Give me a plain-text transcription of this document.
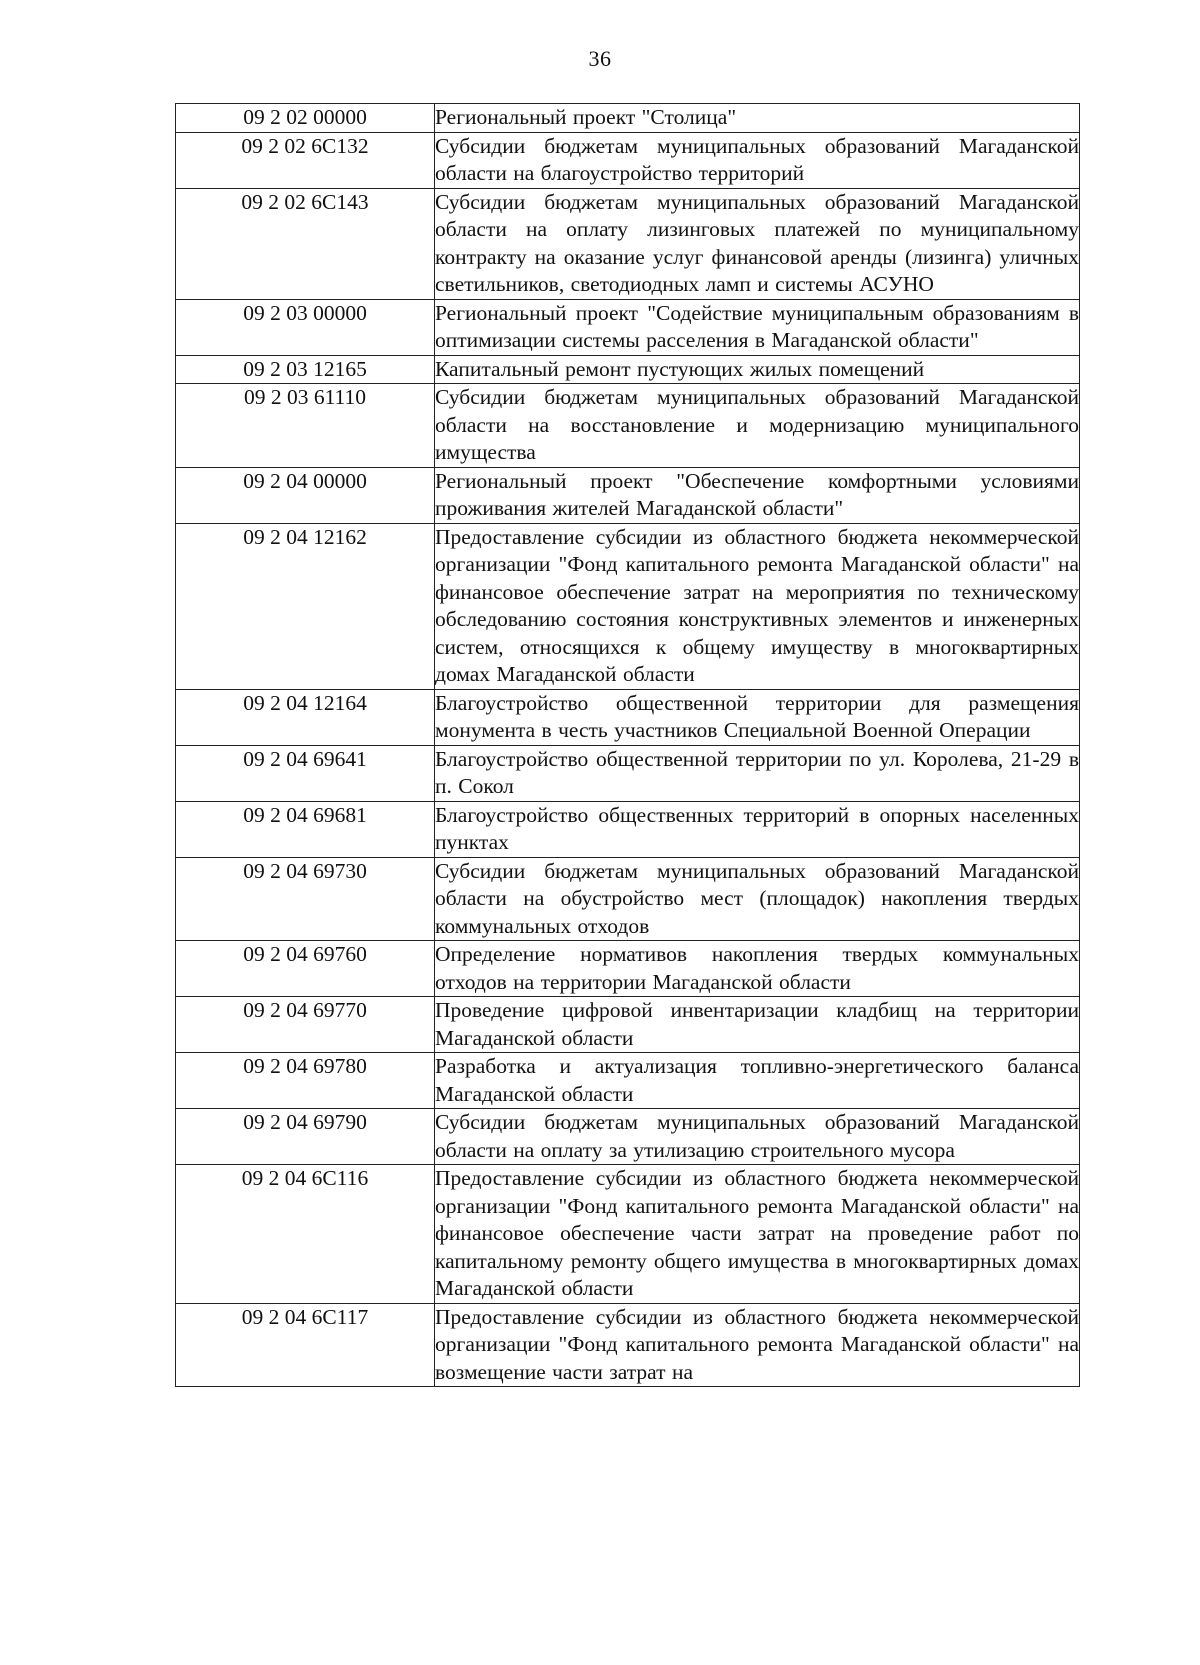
36
09 2 02 00000	Региональный проект "Столица"
09 2 02 6С132	Субсидии бюджетам муниципальных образований Магаданской области на благоустройство территорий
09 2 02 6С143	Субсидии бюджетам муниципальных образований Магаданской области на оплату лизинговых платежей по муниципальному контракту на оказание услуг финансовой аренды (лизинга) уличных светильников, светодиодных ламп и системы АСУНО
09 2 03 00000	Региональный проект "Содействие муниципальным образованиям в оптимизации системы расселения в Магаданской области"
09 2 03 12165	Капитальный ремонт пустующих жилых помещений
09 2 03 61110	Субсидии бюджетам муниципальных образований Магаданской области на восстановление и модернизацию муниципального имущества
09 2 04 00000	Региональный проект "Обеспечение комфортными условиями проживания жителей Магаданской области"
09 2 04 12162	Предоставление субсидии из областного бюджета некоммерческой организации "Фонд капитального ремонта Магаданской области" на финансовое обеспечение затрат на мероприятия по техническому обследованию состояния конструктивных элементов и инженерных систем, относящихся к общему имуществу в многоквартирных домах Магаданской области
09 2 04 12164	Благоустройство общественной территории для размещения монумента в честь участников Специальной Военной Операции
09 2 04 69641	Благоустройство общественной территории по ул. Королева, 21-29 в п. Сокол
09 2 04 69681	Благоустройство общественных территорий в опорных населенных пунктах
09 2 04 69730	Субсидии бюджетам муниципальных образований Магаданской области на обустройство мест (площадок) накопления твердых коммунальных отходов
09 2 04 69760	Определение нормативов накопления твердых коммунальных отходов на территории Магаданской области
09 2 04 69770	Проведение цифровой инвентаризации кладбищ на территории Магаданской области
09 2 04 69780	Разработка и актуализация топливно-энергетического баланса Магаданской области
09 2 04 69790	Субсидии бюджетам муниципальных образований Магаданской области на оплату за утилизацию строительного мусора
09 2 04 6С116	Предоставление субсидии из областного бюджета некоммерческой организации "Фонд капитального ремонта Магаданской области" на финансовое обеспечение части затрат на проведение работ по капитальному ремонту общего имущества в многоквартирных домах Магаданской области
09 2 04 6С117	Предоставление субсидии из областного бюджета некоммерческой организации "Фонд капитального ремонта Магаданской области" на возмещение части затрат на
